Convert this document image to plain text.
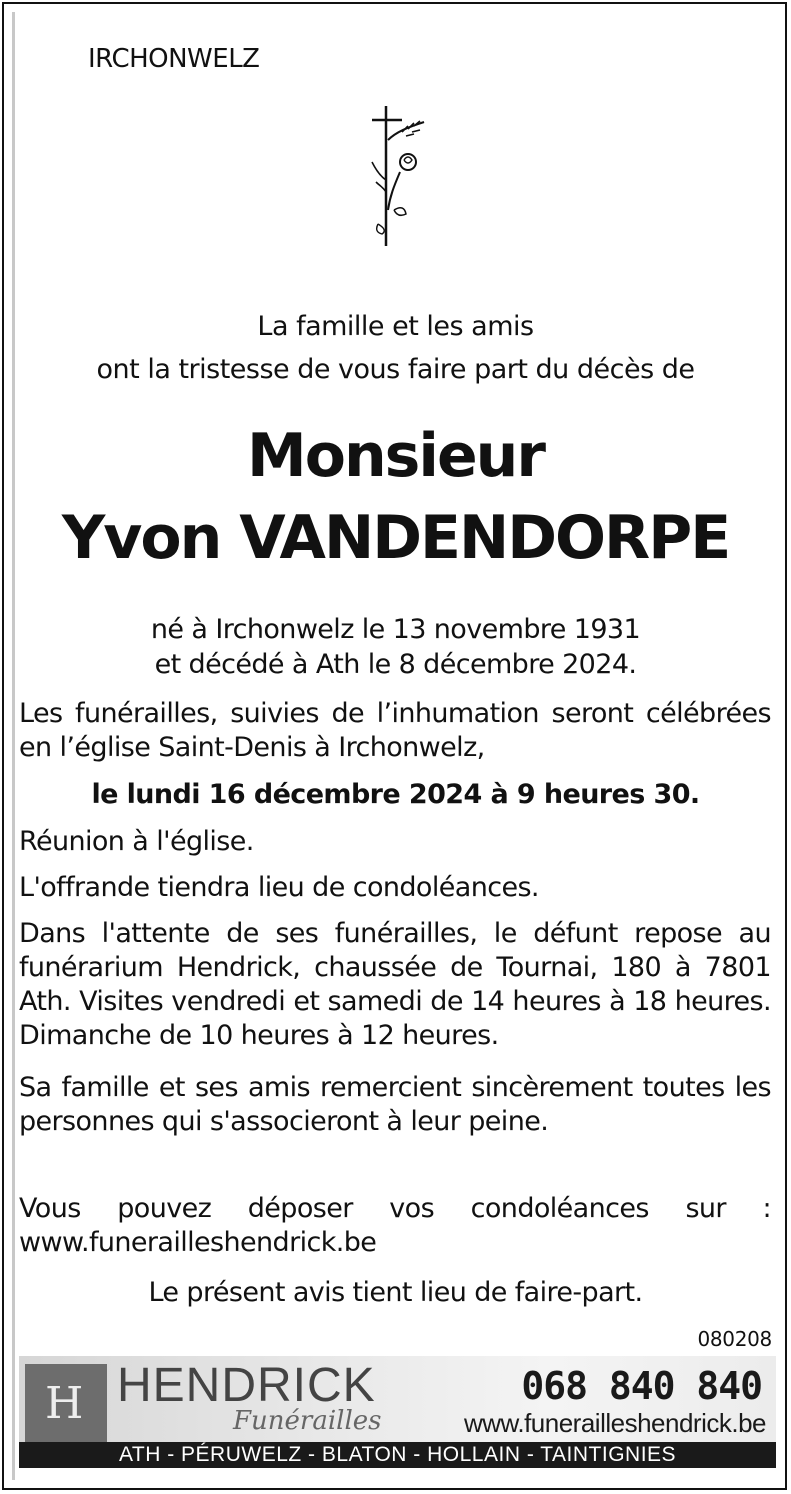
IRCHONWELZ
La famille et les amis
ont la tristesse de vous faire part du décès de
Monsieur
Yvon VANDENDORPE
né à Irchonwelz le 13 novembre 1931
et décédé à Ath le 8 décembre 2024.
Les funérailles, suivies de l’inhumation seront célébrées en l’église Saint-Denis à Irchonwelz,
le lundi 16 décembre 2024 à 9 heures 30.
Réunion à l'église.
L'offrande tiendra lieu de condoléances.
Dans l'attente de ses funérailles, le défunt repose au funérarium Hendrick, chaussée de Tournai, 180 à 7801 Ath. Visites vendredi et samedi de 14 heures à 18 heures. Dimanche de 10 heures à 12 heures.
Sa famille et ses amis remercient sincèrement toutes les personnes qui s'associeront à leur peine.
Vous pouvez déposer vos condoléances sur : www.funerailleshendrick.be
Le présent avis tient lieu de faire-part.
080208
H HENDRICK
Funérailles
068 840 840
www.funerailleshendrick.be
ATH - PÉRUWELZ - BLATON - HOLLAIN - TAINTIGNIES
